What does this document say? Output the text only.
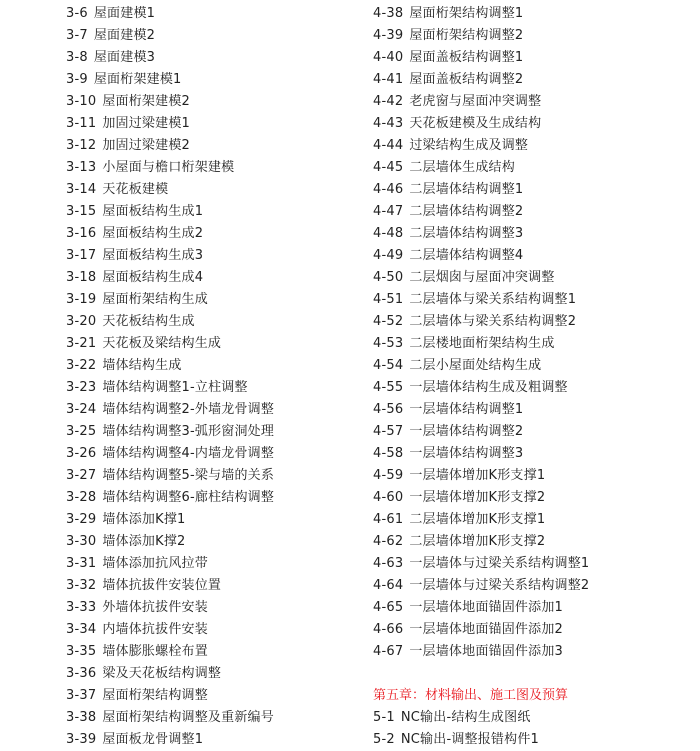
3-6 屋面建模1
3-7 屋面建模2
3-8 屋面建模3
3-9 屋面桁架建模1
3-10 屋面桁架建模2
3-11 加固过梁建模1
3-12 加固过梁建模2
3-13 小屋面与檐口桁架建模
3-14 天花板建模
3-15 屋面板结构生成1
3-16 屋面板结构生成2
3-17 屋面板结构生成3
3-18 屋面板结构生成4
3-19 屋面桁架结构生成
3-20 天花板结构生成
3-21 天花板及梁结构生成
3-22 墙体结构生成
3-23 墙体结构调整1-立柱调整
3-24 墙体结构调整2-外墙龙骨调整
3-25 墙体结构调整3-弧形窗洞处理
3-26 墙体结构调整4-内墙龙骨调整
3-27 墙体结构调整5-梁与墙的关系
3-28 墙体结构调整6-廊柱结构调整
3-29 墙体添加K撑1
3-30 墙体添加K撑2
3-31 墙体添加抗风拉带
3-32 墙体抗拔件安装位置
3-33 外墙体抗拔件安装
3-34 内墙体抗拔件安装
3-35 墙体膨胀螺栓布置
3-36 梁及天花板结构调整
3-37 屋面桁架结构调整
3-38 屋面桁架结构调整及重新编号
3-39 屋面板龙骨调整1
4-38 屋面桁架结构调整1
4-39 屋面桁架结构调整2
4-40 屋面盖板结构调整1
4-41 屋面盖板结构调整2
4-42 老虎窗与屋面冲突调整
4-43 天花板建模及生成结构
4-44 过梁结构生成及调整
4-45 二层墙体生成结构
4-46 二层墙体结构调整1
4-47 二层墙体结构调整2
4-48 二层墙体结构调整3
4-49 二层墙体结构调整4
4-50 二层烟囱与屋面冲突调整
4-51 二层墙体与梁关系结构调整1
4-52 二层墙体与梁关系结构调整2
4-53 二层楼地面桁架结构生成
4-54 二层小屋面处结构生成
4-55 一层墙体结构生成及粗调整
4-56 一层墙体结构调整1
4-57 一层墙体结构调整2
4-58 一层墙体结构调整3
4-59 一层墙体增加K形支撑1
4-60 一层墙体增加K形支撑2
4-61 二层墙体增加K形支撑1
4-62 二层墙体增加K形支撑2
4-63 一层墙体与过梁关系结构调整1
4-64 一层墙体与过梁关系结构调整2
4-65 一层墙体地面锚固件添加1
4-66 一层墙体地面锚固件添加2
4-67 一层墙体地面锚固件添加3
第五章：材料输出、施工图及预算
5-1 NC输出-结构生成图纸
5-2 NC输出-调整报错构件1
